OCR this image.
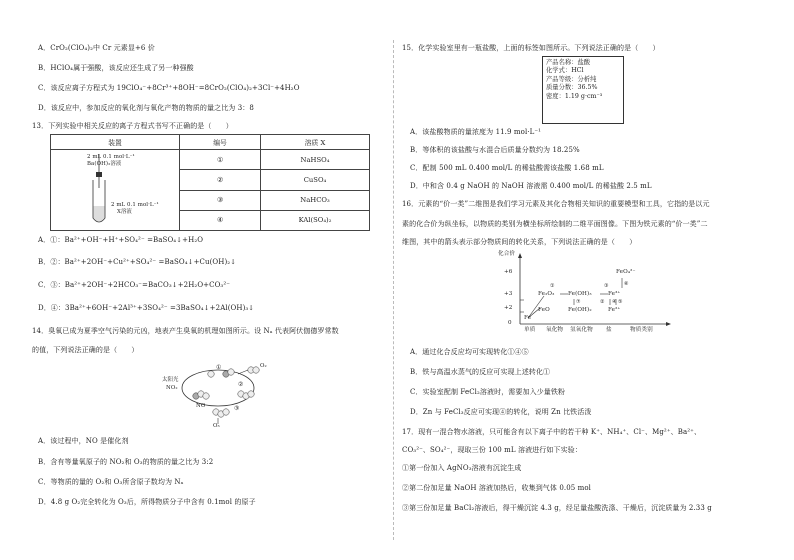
A．CrO₂(ClO₄)₂中 Cr 元素显+6 价
B．HClO₄属于强酸，该反应还生成了另一种强酸
C．该反应离子方程式为 19ClO₄⁻+8Cr³⁺+8OH⁻=8CrO₂(ClO₄)₂+3Cl⁻+4H₂O
D．该反应中，参加反应的氧化剂与氧化产物的物质的量之比为 3：8
13．下列实验中相关反应的离子方程式书写不正确的是（　　）
装置	编号	溶质 X

2 mL 0.1 mol·L⁻¹
Ba(OH)₂溶液
2 mL 0.1 mol·L⁻¹
X溶液	①	NaHSO₄
	②	CuSO₄
	③	NaHCO₃
	④	KAl(SO₄)₂
A．①：Ba²⁺+OH⁻+H⁺+SO₄²⁻ =BaSO₄↓+H₂O
B．②：Ba²⁺+2OH⁻+Cu²⁺+SO₄²⁻ =BaSO₄↓+Cu(OH)₂↓
C．③：Ba²⁺+2OH⁻+2HCO₃⁻=BaCO₃↓+2H₂O+CO₃²⁻
D．④：3Ba²⁺+6OH⁻+2Al³⁺+3SO₄²⁻ =3BaSO₄↓+2Al(OH)₃↓
14．臭氧已成为夏季空气污染的元凶，地表产生臭氧的机理如图所示。设 Nₐ 代表阿伏伽德罗常数
的值，下列说法正确的是（　　）
太阳光
NO₂
NO
O₂
O₃
①
②
③
A．该过程中，NO 是催化剂
B．含有等量氧原子的 NO₂和 O₃的物质的量之比为 3:2
C．等物质的量的 O₂和 O₃所含原子数均为 Nₐ
D．4.8 g O₂完全转化为 O₃后，所得物质分子中含有 0.1mol 的原子
15．化学实验室里有一瓶盐酸，上面的标签如图所示。下列说法正确的是（　　）
产品名称：盐酸
化学式：HCl
产品等级：分析纯
质量分数：36.5%
密度：1.19 g·cm⁻³
A．该盐酸物质的量浓度为 11.9 mol·L⁻¹
B．等体积的该盐酸与水混合后质量分数约为 18.25%
C．配制 500 mL 0.400 mol/L 的稀盐酸需该盐酸 1.68 mL
D．中和含 0.4 g NaOH 的 NaOH 溶液需 0.400 mol/L 的稀盐酸 2.5 mL
16．元素的“价一类”二维图是我们学习元素及其化合物相关知识的重要模型和工具，它指的是以元
素的化合价为纵坐标，以物质的类别为横坐标所绘制的二维平面图像。下图为铁元素的“价一类”二
维图，其中的箭头表示部分物质间的转化关系，下列说法正确的是（　　）
化合价
+6
+3
+2
0
单质 氧化物 氢氧化物 盐	物质类别
FeO₄²⁻
Fe₂O₃ Fe(OH)₃	Fe³⁺
FeO	Fe(OH)₂	Fe²⁺
Fe
①
②
③
④ ⑤
⑥
⑦
A．通过化合反应均可实现转化①④⑤
B．铁与高温水蒸气的反应可实现上述转化①
C．实验室配制 FeCl₂溶液时，需要加入少量铁粉
D．Zn 与 FeCl₃反应可实现④的转化，说明 Zn 比铁活泼
17．现有一混合物水溶液，只可能含有以下离子中的若干种 K⁺、NH₄⁺、Cl⁻、Mg²⁺、Ba²⁺、
CO₃²⁻、SO₄²⁻，现取三份 100 mL 溶液进行如下实验：
①第一份加入 AgNO₃溶液有沉淀生成
②第二份加足量 NaOH 溶液加热后，收集到气体 0.05 mol
③第三份加足量 BaCl₂溶液后，得干燥沉淀 4.3 g，经足量盐酸洗涤、干燥后，沉淀质量为 2.33 g
